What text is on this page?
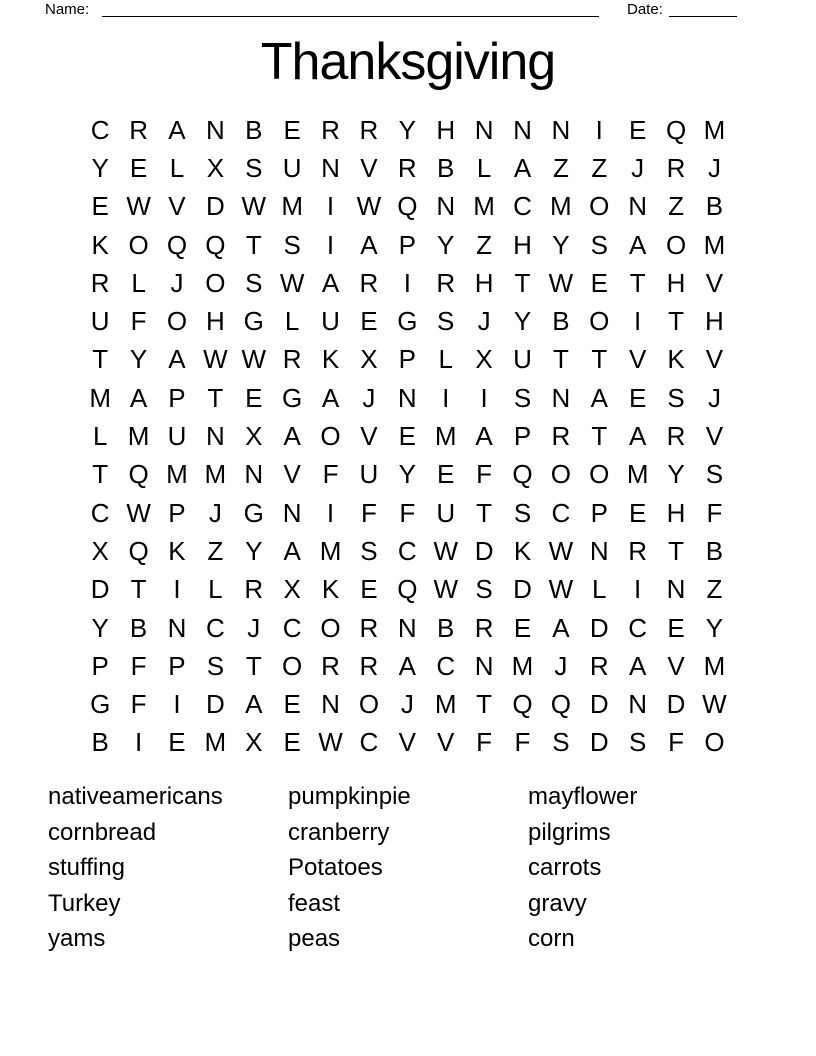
Name:	Date:
Thanksgiving
C R A N B E R R Y H N N N I	E Q M
Y E L X S U N V R B L A Z Z J R J
E W V D W M I W Q N M C M O N Z B
K O Q Q T S	I	A P Y Z H Y S A O M
R L J O S W A R I R H T W E T H V
U F O H G L U E G S J Y B O I	T H
T Y A W W R K X P L X U T T V K V
M A P T E G A J N I	I	S N A E S J
L M U N X A O V E M A P R T A R V
T Q M M N V F U Y E F Q O O M Y S
C W P J G N I	F F U T S C P E H F
X Q K Z Y A M S C W D K W N R T B
D T	I	L R X K E Q W S D W L	I N Z
Y B N C J C O R N B R E A D C E Y
P F P S T O R R A C N M J R A V M
G F	I D A E N O J M T Q Q D N D W
B	I	E M X E W C V V F F S D S F O
nativeamericans
cornbread
stuffing
Turkey
yams
pumpkinpie
cranberry
Potatoes
feast
peas
mayflower
pilgrims
carrots
gravy
corn
